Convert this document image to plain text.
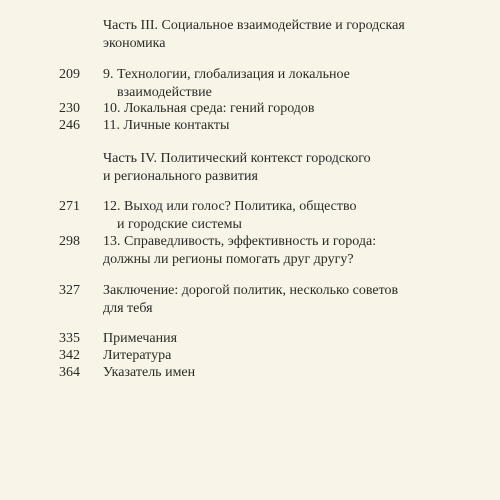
Часть III. Социальное взаимодействие и городская
экономика
209	9. Технологии, глобализация и локальное
взаимодействие
230	10. Локальная среда: гений городов
246	11. Личные контакты
Часть IV. Политический контекст городского
и регионального развития
271	12. Выход или голос? Политика, общество
и городские системы
298	13. Справедливость, эффективность и города:
должны ли регионы помогать друг другу?
327	Заключение: дорогой политик, несколько советов
для тебя
335	Примечания
342	Литература
364	Указатель имен
